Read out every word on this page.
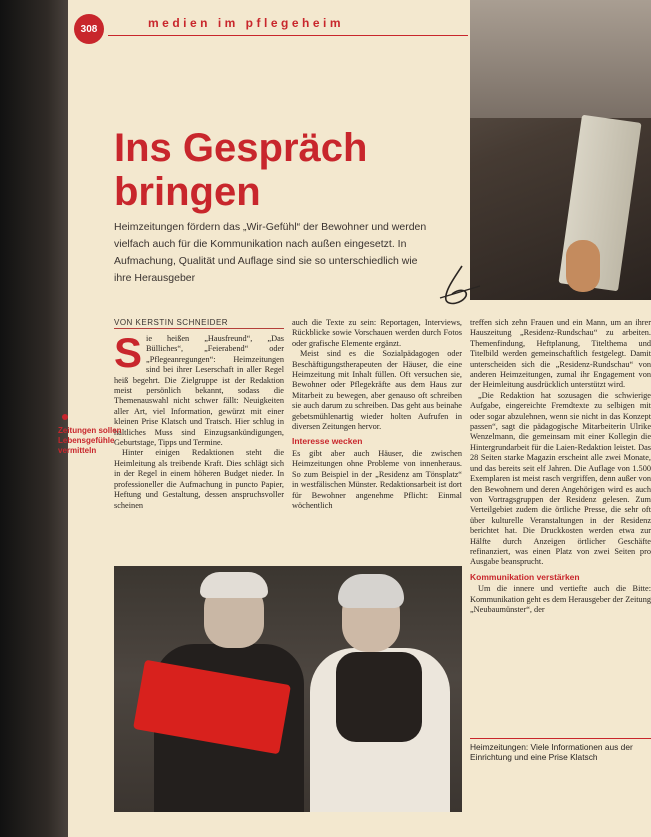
308	medien im pflegeheim
Ins Gespräch
bringen

Heimzeitungen fördern das „Wir-Gefühl“ der Bewohner und werden vielfach auch für die Kommunikation nach außen eingesetzt. In Aufmachung, Qualität und Auflage sind sie so unterschiedlich wie ihre Herausgeber

VON KERSTIN SCHNEIDER

Sie heißen „Hausfreund“, „Das Bülliches“, „Feierabend“ oder „Pflegeanregungen“: Heimzeitungen sind bei ihrer Leserschaft in aller Regel heiß begehrt. Die Zielgruppe ist der Redaktion meist persönlich bekannt, sodass die Themenauswahl nicht schwer fällt: Neuigkeiten aller Art, viel Information, gewürzt mit einer kleinen Prise Klatsch und Tratsch. Hier schlug in haltliches Muss sind Einzugsankündigungen, Geburtstage, Tipps und Termine.

Hinter einigen Redaktionen steht die Heimleitung als treibende Kraft. Dies schlägt sich in der Regel in einem höheren Budget nieder. In professioneller die Aufmachung in puncto Papier, Heftung und Gestaltung, dessen anspruchsvoller scheinen

Zeitungen sollen Lebensgefühle vermitteln

auch die Texte zu sein: Reportagen, Interviews, Rückblicke sowie Vorschauen werden durch Fotos oder grafische Elemente ergänzt.

Meist sind es die Sozialpädagogen oder Beschäftigungstherapeuten der Häuser, die eine Heimzeitung mit Inhalt füllen. Oft versuchen sie, Bewohner oder Pflegekräfte aus dem Haus zur Mitarbeit zu bewegen, aber genauso oft schreiben sie auch darum zu schreiben. Das geht aus beinahe gebetsmühlenartig wieder holten Aufrufen in diversen Zeitungen hervor.

Interesse wecken

Es gibt aber auch Häuser, die zwischen Heimzeitungen ohne Probleme von innenheraus. So zum Beispiel in der „Residenz am Tönsplatz“ in westfälischen Münster. Redaktionsarbeit ist dort für Bewohner angenehme Pflicht: Einmal wöchentlich

treffen sich zehn Frauen und ein Mann, um an ihrer Hauszeitung „Residenz-Rundschau“ zu arbeiten. Themenfindung, Heftplanung, Titelthema und Titelbild werden gemeinschaftlich festgelegt. Damit unterscheiden sich die „Residenz-Rundschau“ von anderen Heimzeitungen, zumal ihr Engagement von der Heimleitung ausdrücklich unterstützt wird.

„Die Redaktion hat sozusagen die schwierige Aufgabe, eingereichte Fremdtexte zu selbigen mit oder sogar abzulehnen, wenn sie nicht in das Konzept passen“, sagt die pädagogische Mitarbeiterin Ulrike Wenzelmann, die gemeinsam mit einer Kollegin die Hintergrundarbeit für die Laien-Redaktion leistet. Das 28 Seiten starke Magazin erscheint alle zwei Monate, und das bereits seit elf Jahren. Die Auflage von 1.500 Exemplaren ist meist rasch vergriffen, denn außer von den Bewohnern und deren Angehörigen wird es auch von Vortragsgruppen der Residenz gelesen. Zum Verteilgebiet zudem die örtliche Presse, die sehr oft über kulturelle Veranstaltungen in der Residenz berichtet hat. Die Druckkosten werden etwa zur Hälfte durch Anzeigen örtlicher Geschäfte refinanziert, was einen Platz von zwei Seiten pro Ausgabe beansprucht.

Kommunikation verstärken

Um die innere und vertiefte auch die Bitte: Kommunikation geht es dem Herausgeber der Zeitung „Neubaumünster“, der

Heimzeitungen: Viele Informationen aus der Einrichtung und eine Prise Klatsch
